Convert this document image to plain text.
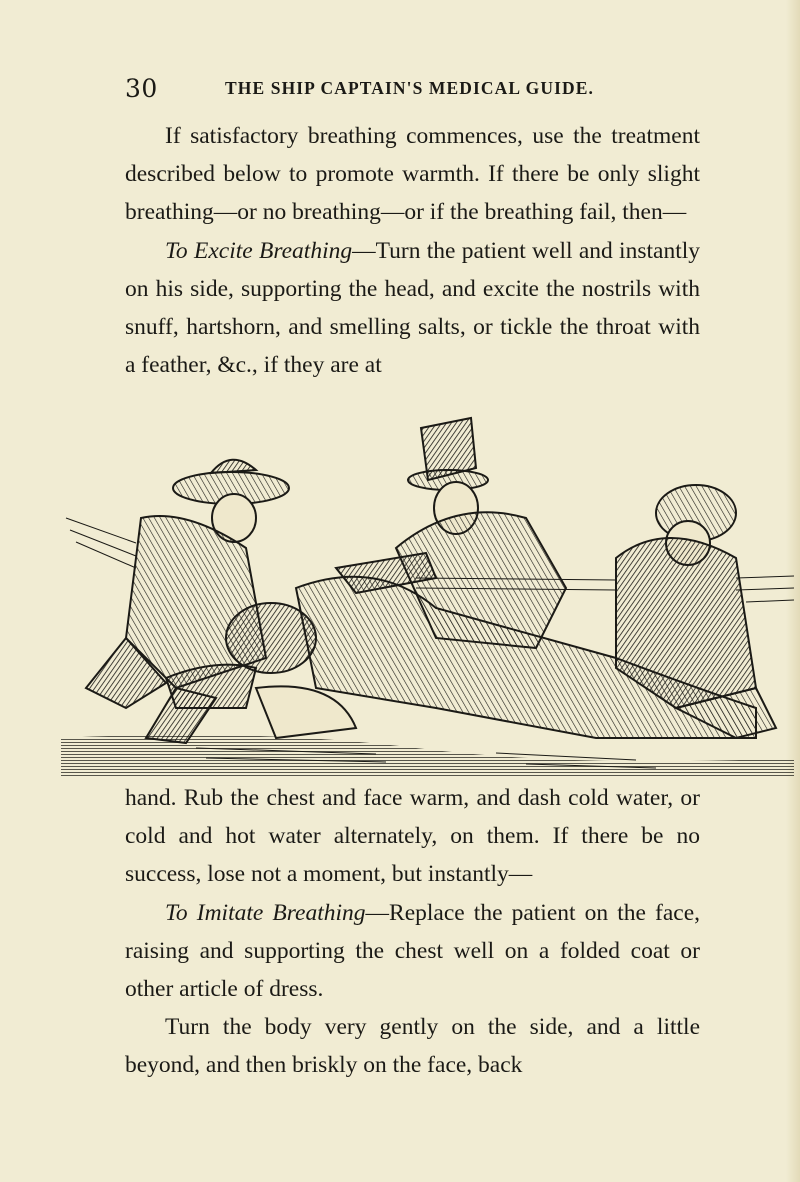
30	THE SHIP CAPTAIN'S MEDICAL GUIDE.

If satisfactory breathing commences, use the treatment described below to promote warmth. If there be only slight breathing—or no breathing—or if the breathing fail, then—

To Excite Breathing—Turn the patient well and instantly on his side, supporting the head, and excite the nostrils with snuff, hartshorn, and smelling salts, or tickle the throat with a feather, &c., if they are at

hand. Rub the chest and face warm, and dash cold water, or cold and hot water alternately, on them. If there be no success, lose not a moment, but instantly—

To Imitate Breathing—Replace the patient on the face, raising and supporting the chest well on a folded coat or other article of dress.

Turn the body very gently on the side, and a little beyond, and then briskly on the face, back
